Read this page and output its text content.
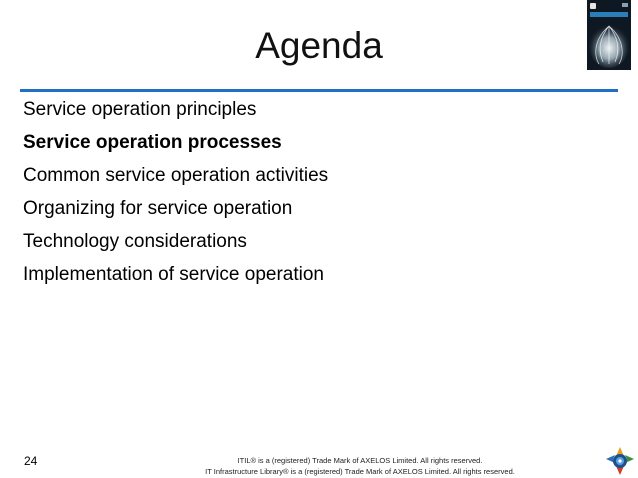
Agenda
Service operation principles
Service operation processes
Common service operation activities
Organizing for service operation
Technology considerations
Implementation of service operation
24	ITIL® is a (registered) Trade Mark of AXELOS Limited. All rights reserved.
IT Infrastructure Library® is a (registered) Trade Mark of AXELOS Limited. All rights reserved.
